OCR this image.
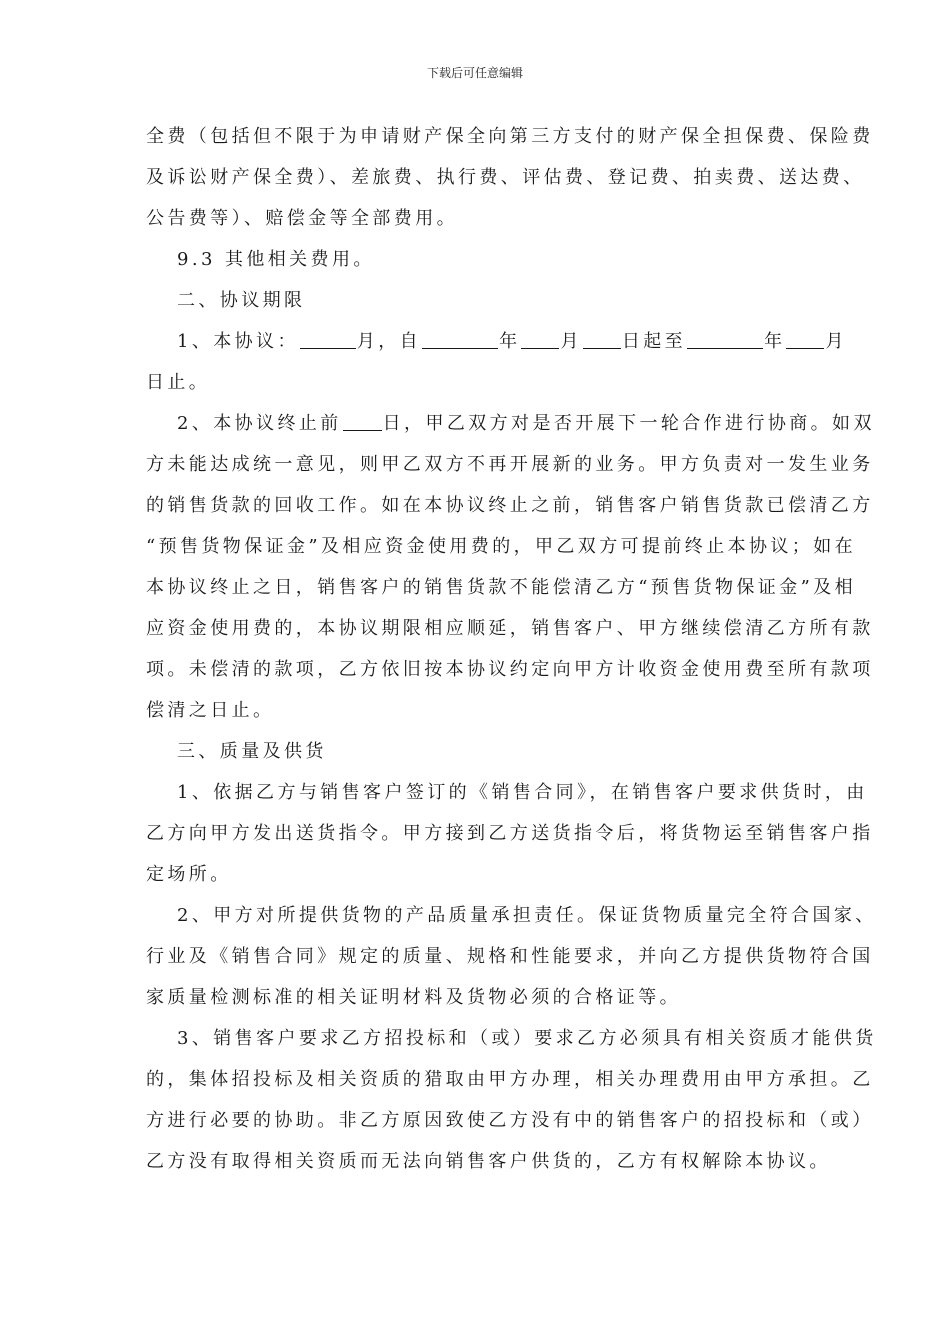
下载后可任意编辑
全费（包括但不限于为申请财产保全向第三方支付的财产保全担保费、保险费
及诉讼财产保全费）、差旅费、执行费、评估费、登记费、拍卖费、送达费、
公告费等）、赔偿金等全部费用。
9.3 其他相关费用。
二、协议期限
1、本协议：	月，自	年 月 日起至	年 月
日止。
2、本协议终止前 日，甲乙双方对是否开展下一轮合作进行协商。如双
方未能达成统一意见，则甲乙双方不再开展新的业务。甲方负责对一发生业务
的销售货款的回收工作。如在本协议终止之前，销售客户销售货款已偿清乙方
“预售货物保证金”及相应资金使用费的，甲乙双方可提前终止本协议；如在
本协议终止之日，销售客户的销售货款不能偿清乙方“预售货物保证金”及相
应资金使用费的，本协议期限相应顺延，销售客户、甲方继续偿清乙方所有款
项。未偿清的款项，乙方依旧按本协议约定向甲方计收资金使用费至所有款项
偿清之日止。
三、质量及供货
1、依据乙方与销售客户签订的《销售合同》，在销售客户要求供货时，由
乙方向甲方发出送货指令。甲方接到乙方送货指令后，将货物运至销售客户指
定场所。
2、甲方对所提供货物的产品质量承担责任。保证货物质量完全符合国家、
行业及《销售合同》规定的质量、规格和性能要求，并向乙方提供货物符合国
家质量检测标准的相关证明材料及货物必须的合格证等。
3、销售客户要求乙方招投标和（或）要求乙方必须具有相关资质才能供货
的，集体招投标及相关资质的猎取由甲方办理，相关办理费用由甲方承担。乙
方进行必要的协助。非乙方原因致使乙方没有中的销售客户的招投标和（或）
乙方没有取得相关资质而无法向销售客户供货的，乙方有权解除本协议。
